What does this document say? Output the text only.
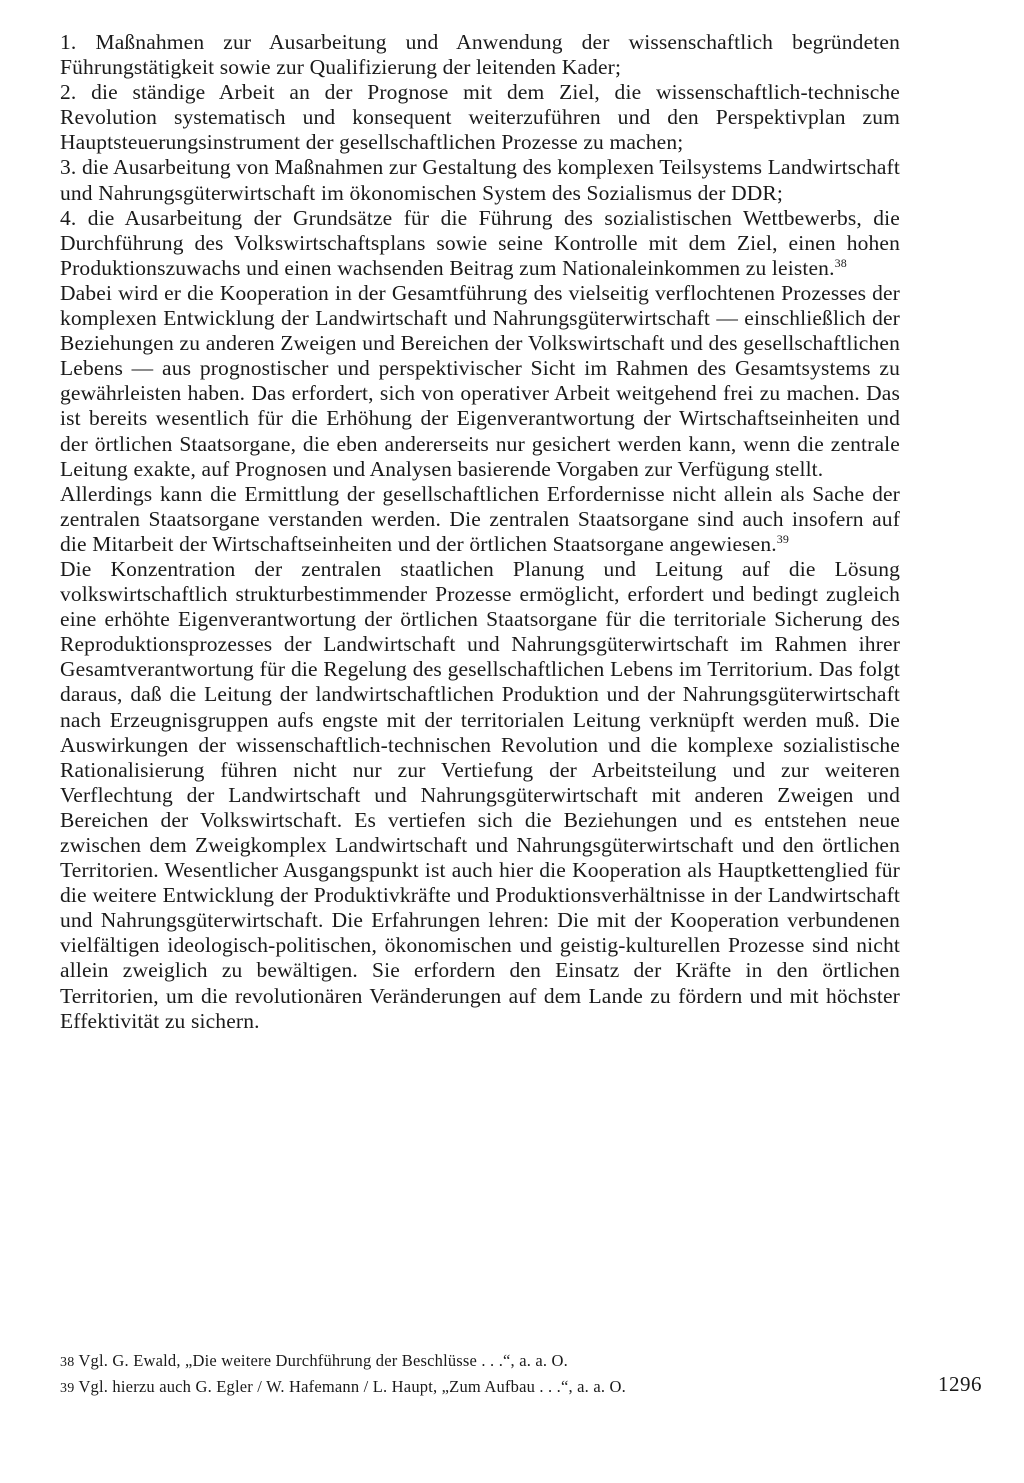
1. Maßnahmen zur Ausarbeitung und Anwendung der wissenschaftlich begründeten Führungstätigkeit sowie zur Qualifizierung der leitenden Kader;

2. die ständige Arbeit an der Prognose mit dem Ziel, die wissenschaftlich-technische Revolution systematisch und konsequent weiterzuführen und den Perspektivplan zum Hauptsteuerungsinstrument der gesellschaftlichen Prozesse zu machen;

3. die Ausarbeitung von Maßnahmen zur Gestaltung des komplexen Teilsystems Landwirtschaft und Nahrungsgüterwirtschaft im ökonomischen System des Sozialismus der DDR;

4. die Ausarbeitung der Grundsätze für die Führung des sozialistischen Wettbewerbs, die Durchführung des Volkswirtschaftsplans sowie seine Kontrolle mit dem Ziel, einen hohen Produktionszuwachs und einen wachsenden Beitrag zum Nationaleinkommen zu leisten.$^{38}$

Dabei wird er die Kooperation in der Gesamtführung des vielseitig verflochtenen Prozesses der komplexen Entwicklung der Landwirtschaft und Nahrungsgüterwirtschaft — einschließlich der Beziehungen zu anderen Zweigen und Bereichen der Volkswirtschaft und des gesellschaftlichen Lebens — aus prognostischer und perspektivischer Sicht im Rahmen des Gesamtsystems zu gewährleisten haben. Das erfordert, sich von operativer Arbeit weitgehend frei zu machen. Das ist bereits wesentlich für die Erhöhung der Eigenverantwortung der Wirtschaftseinheiten und der örtlichen Staatsorgane, die eben andererseits nur gesichert werden kann, wenn die zentrale Leitung exakte, auf Prognosen und Analysen basierende Vorgaben zur Verfügung stellt.

Allerdings kann die Ermittlung der gesellschaftlichen Erfordernisse nicht allein als Sache der zentralen Staatsorgane verstanden werden. Die zentralen Staatsorgane sind auch insofern auf die Mitarbeit der Wirtschaftseinheiten und der örtlichen Staatsorgane angewiesen.$^{39}$

Die Konzentration der zentralen staatlichen Planung und Leitung auf die Lösung volkswirtschaftlich strukturbestimmender Prozesse ermöglicht, erfordert und bedingt zugleich eine erhöhte Eigenverantwortung der örtlichen Staatsorgane für die territoriale Sicherung des Reproduktionsprozesses der Landwirtschaft und Nahrungsgüterwirtschaft im Rahmen ihrer Gesamtverantwortung für die Regelung des gesellschaftlichen Lebens im Territorium. Das folgt daraus, daß die Leitung der landwirtschaftlichen Produktion und der Nahrungsgüterwirtschaft nach Erzeugnisgruppen aufs engste mit der territorialen Leitung verknüpft werden muß. Die Auswirkungen der wissenschaftlich-technischen Revolution und die komplexe sozialistische Rationalisierung führen nicht nur zur Vertiefung der Arbeitsteilung und zur weiteren Verflechtung der Landwirtschaft und Nahrungsgüterwirtschaft mit anderen Zweigen und Bereichen der Volkswirtschaft. Es vertiefen sich die Beziehungen und es entstehen neue zwischen dem Zweigkomplex Landwirtschaft und Nahrungsgüterwirtschaft und den örtlichen Territorien. Wesentlicher Ausgangspunkt ist auch hier die Kooperation als Hauptkettenglied für die weitere Entwicklung der Produktivkräfte und Produktionsverhältnisse in der Landwirtschaft und Nahrungsgüterwirtschaft. Die Erfahrungen lehren: Die mit der Kooperation verbundenen vielfältigen ideologisch-politischen, ökonomischen und geistig-kulturellen Prozesse sind nicht allein zweiglich zu bewältigen. Sie erfordern den Einsatz der Kräfte in den örtlichen Territorien, um die revolutionären Veränderungen auf dem Lande zu fördern und mit höchster Effektivität zu sichern.

38 Vgl. G. Ewald, „Die weitere Durchführung der Beschlüsse . . .“, a. a. O.

39 Vgl. hierzu auch G. Egler / W. Hafemann / L. Haupt, „Zum Aufbau . . .“, a. a. O.	1296
